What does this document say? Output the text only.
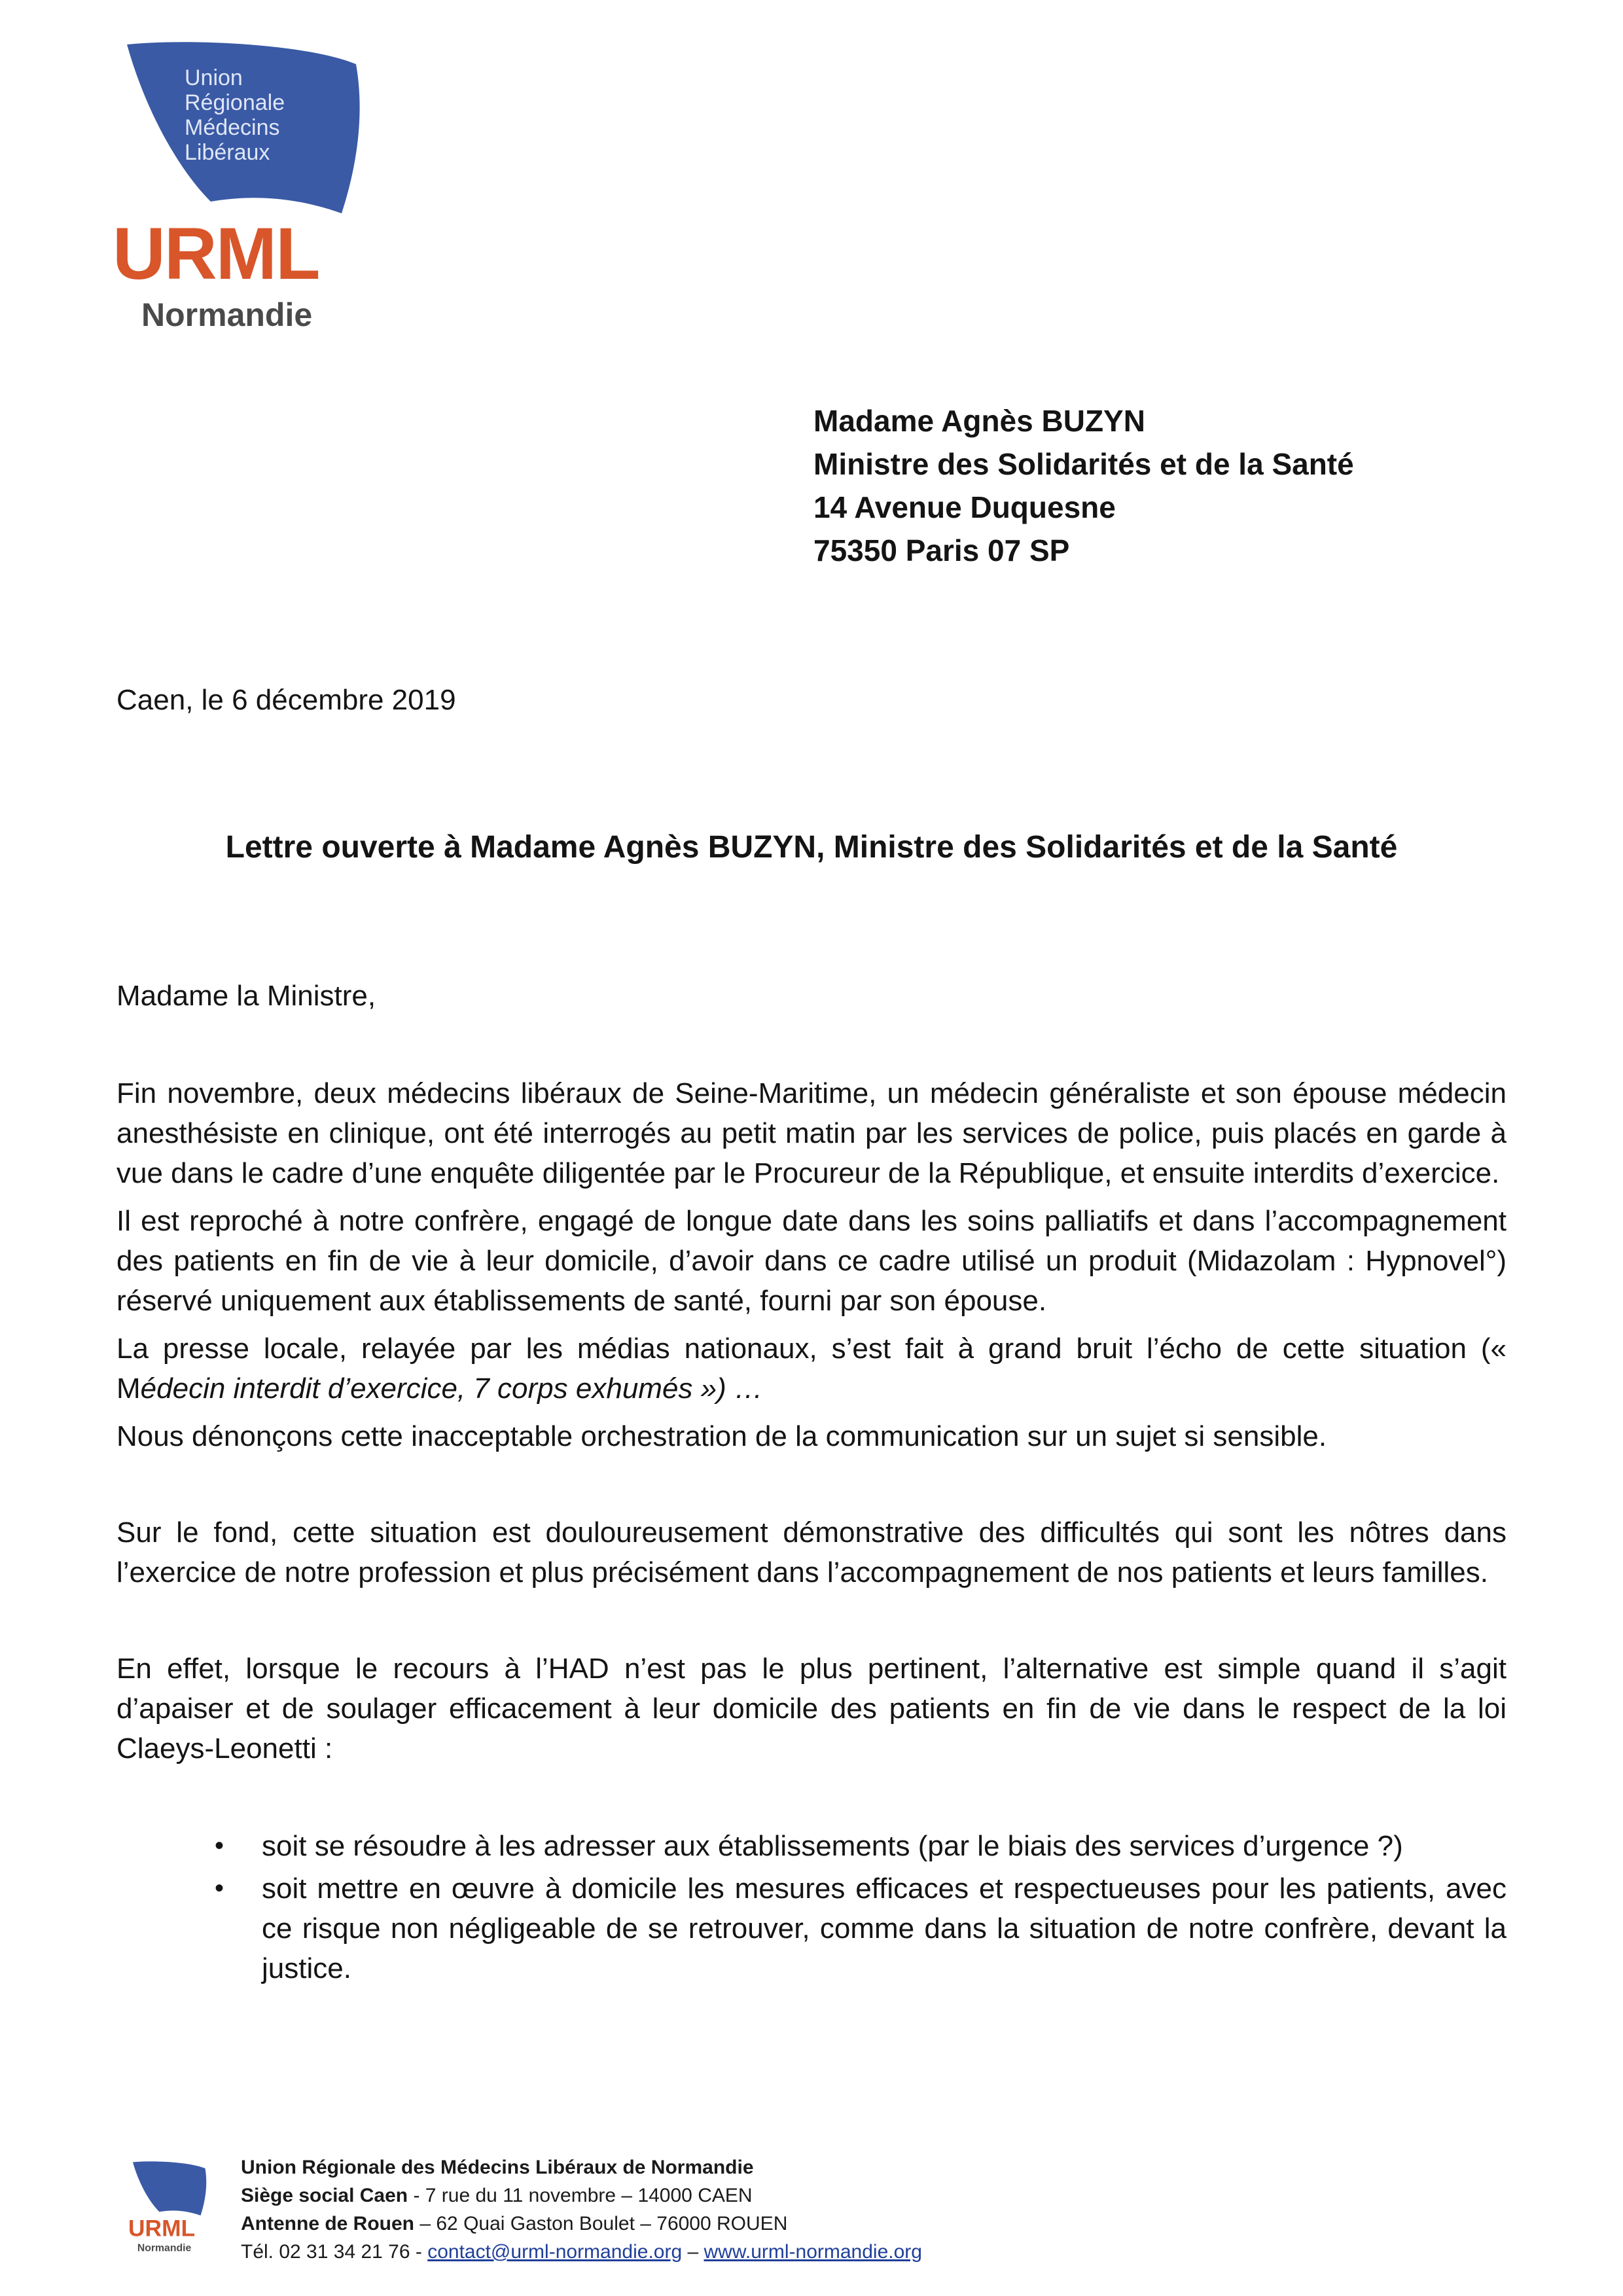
Union
Régionale
Médecins
Libéraux
URML
Normandie
Madame Agnès BUZYN
Ministre des Solidarités et de la Santé
14 Avenue Duquesne
75350 Paris 07 SP
Caen, le 6 décembre 2019
Lettre ouverte à Madame Agnès BUZYN, Ministre des Solidarités et de la Santé
Madame la Ministre,

Fin novembre, deux médecins libéraux de Seine-Maritime, un médecin généraliste et son épouse médecin anesthésiste en clinique, ont été interrogés au petit matin par les services de police, puis placés en garde à vue dans le cadre d’une enquête diligentée par le Procureur de la République, et ensuite interdits d’exercice.

Il est reproché à notre confrère, engagé de longue date dans les soins palliatifs et dans l’accompagnement des patients en fin de vie à leur domicile, d’avoir dans ce cadre utilisé un produit (Midazolam : Hypnovel°) réservé uniquement aux établissements de santé, fourni par son épouse.

La presse locale, relayée par les médias nationaux, s’est fait à grand bruit l’écho de cette situation (« Médecin interdit d’exercice, 7 corps exhumés ») …

Nous dénonçons cette inacceptable orchestration de la communication sur un sujet si sensible.

Sur le fond, cette situation est douloureusement démonstrative des difficultés qui sont les nôtres dans l’exercice de notre profession et plus précisément dans l’accompagnement de nos patients et leurs familles.

En effet, lorsque le recours à l’HAD n’est pas le plus pertinent, l’alternative est simple quand il s’agit d’apaiser et de soulager efficacement à leur domicile des patients en fin de vie dans le respect de la loi Claeys-Leonetti :

• soit se résoudre à les adresser aux établissements (par le biais des services d’urgence ?)
• soit mettre en œuvre à domicile les mesures efficaces et respectueuses pour les patients, avec ce risque non négligeable de se retrouver, comme dans la situation de notre confrère, devant la justice.
URML
Normandie
Union Régionale des Médecins Libéraux de Normandie
Siège social Caen - 7 rue du 11 novembre – 14000 CAEN
Antenne de Rouen – 62 Quai Gaston Boulet – 76000 ROUEN
Tél. 02 31 34 21 76 - contact@urml-normandie.org – www.urml-normandie.org
